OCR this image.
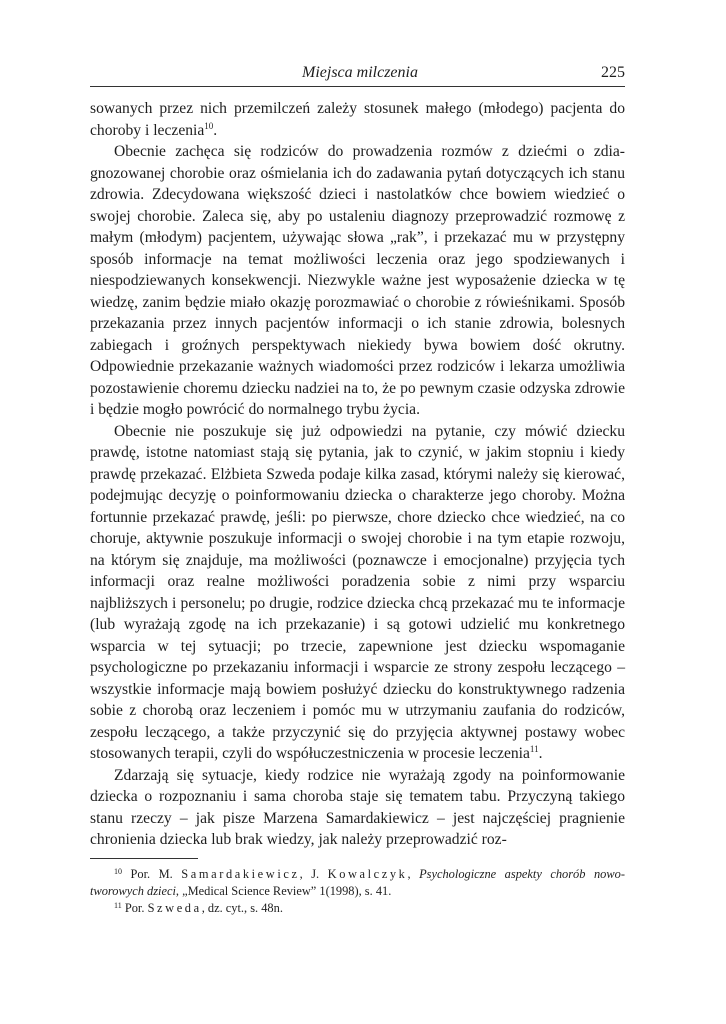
Miejsca milczenia	225

sowanych przez nich przemilczeń zależy stosunek małego (młodego) pacjenta do choroby i leczenia$^{10}$.

Obecnie zachęca się rodziców do prowadzenia rozmów z dziećmi o zdiagnozowanej chorobie oraz ośmielania ich do zadawania pytań dotyczących ich stanu zdrowia. Zdecydowana większość dzieci i nastolatków chce bowiem wiedzieć o swojej chorobie. Zaleca się, aby po ustaleniu diagnozy przeprowadzić rozmowę z małym (młodym) pacjentem, używając słowa „rak”, i przekazać mu w przystępny sposób informacje na temat możliwości leczenia oraz jego spodziewanych i niespodziewanych konsekwencji. Niezwykle ważne jest wyposażenie dziecka w tę wiedzę, zanim będzie miało okazję porozmawiać o chorobie z rówieśnikami. Sposób przekazania przez innych pacjentów informacji o ich stanie zdrowia, bolesnych zabiegach i groźnych perspektywach niekiedy bywa bowiem dość okrutny. Odpowiednie przekazanie ważnych wiadomości przez rodziców i lekarza umożliwia pozostawienie choremu dziecku nadziei na to, że po pewnym czasie odzyska zdrowie i będzie mogło powrócić do normalnego trybu życia.

Obecnie nie poszukuje się już odpowiedzi na pytanie, czy mówić dziecku prawdę, istotne natomiast stają się pytania, jak to czynić, w jakim stopniu i kiedy prawdę przekazać. Elżbieta Szweda podaje kilka zasad, którymi należy się kierować, podejmując decyzję o poinformowaniu dziecka o charakterze jego choroby. Można fortunnie przekazać prawdę, jeśli: po pierwsze, chore dziecko chce wiedzieć, na co choruje, aktywnie poszukuje informacji o swojej chorobie i na tym etapie rozwoju, na którym się znajduje, ma możliwości (poznawcze i emocjonalne) przyjęcia tych informacji oraz realne możliwości poradzenia sobie z nimi przy wsparciu najbliższych i personelu; po drugie, rodzice dziecka chcą przekazać mu te informacje (lub wyrażają zgodę na ich przekazanie) i są gotowi udzielić mu konkretnego wsparcia w tej sytuacji; po trzecie, zapewnione jest dziecku wspomaganie psychologiczne po przekazaniu informacji i wsparcie ze strony zespołu leczącego – wszystkie informacje mają bowiem posłużyć dziecku do konstruktywnego radzenia sobie z chorobą oraz leczeniem i pomóc mu w utrzymaniu zaufania do rodziców, zespołu leczącego, a także przyczynić się do przyjęcia aktywnej postawy wobec stosowanych terapii, czyli do współuczestniczenia w procesie leczenia$^{11}$.

Zdarzają się sytuacje, kiedy rodzice nie wyrażają zgody na poinformowanie dziecka o rozpoznaniu i sama choroba staje się tematem tabu. Przyczyną takiego stanu rzeczy – jak pisze Marzena Samardakiewicz – jest najczęściej pragnienie chronienia dziecka lub brak wiedzy, jak należy przeprowadzić roz-

$^{10}$ Por. M. Samardakiewicz, J. Kowalczyk, Psychologiczne aspekty chorób nowotworowych dzieci, „Medical Science Review” 1(1998), s. 41.

$^{11}$ Por. Szweda, dz. cyt., s. 48n.
